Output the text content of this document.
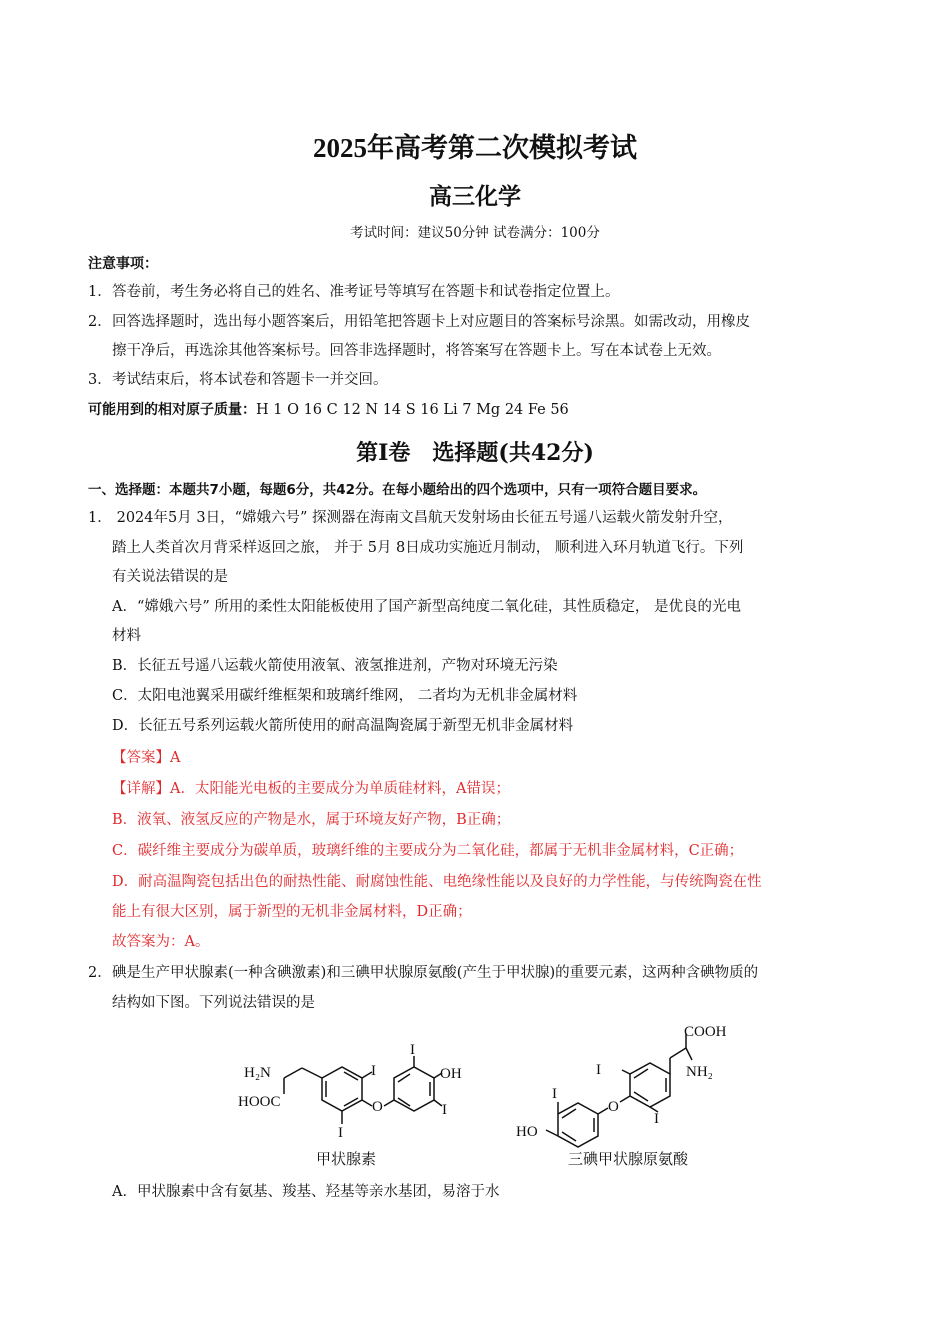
2025年高考第二次模拟考试
高三化学
考试时间：建议50分钟 试卷满分：100分
注意事项：
1．答卷前，考生务必将自己的姓名、准考证号等填写在答题卡和试卷指定位置上。
2．回答选择题时，选出每小题答案后，用铅笔把答题卡上对应题目的答案标号涂黑。如需改动，用橡皮
擦干净后，再选涂其他答案标号。回答非选择题时，将答案写在答题卡上。写在本试卷上无效。
3．考试结束后，将本试卷和答题卡一并交回。
可能用到的相对原子质量：H 1 O 16 C 12 N 14 S 16 Li 7 Mg 24 Fe 56
第I卷　选择题(共42分)
一、选择题：本题共7小题，每题6分，共42分。在每小题给出的四个选项中，只有一项符合题目要求。
1． 2024年5月 3日，“嫦娥六号” 探测器在海南文昌航天发射场由长征五号遥八运载火箭发射升空，
踏上人类首次月背采样返回之旅， 并于 5月 8日成功实施近月制动， 顺利进入环月轨道飞行。下列
有关说法错误的是
A．“嫦娥六号” 所用的柔性太阳能板使用了国产新型高纯度二氧化硅，其性质稳定， 是优良的光电
材料
B．长征五号遥八运载火箭使用液氧、液氢推进剂，产物对环境无污染
C．太阳电池翼采用碳纤维框架和玻璃纤维网， 二者均为无机非金属材料
D．长征五号系列运载火箭所使用的耐高温陶瓷属于新型无机非金属材料
【答案】A
【详解】A．太阳能光电板的主要成分为单质硅材料，A错误；
B．液氧、液氢反应的产物是水，属于环境友好产物，B正确；
C．碳纤维主要成分为碳单质，玻璃纤维的主要成分为二氧化硅，都属于无机非金属材料，C正确；
D．耐高温陶瓷包括出色的耐热性能、耐腐蚀性能、电绝缘性能以及良好的力学性能，与传统陶瓷在性
能上有很大区别，属于新型的无机非金属材料，D正确；
故答案为：A。
2．碘是生产甲状腺素(一种含碘激素)和三碘甲状腺原氨酸(产生于甲状腺)的重要元素，这两种含碘物质的
结构如下图。下列说法错误的是
H₂N
HOOC
I
I
O
I
OH
I
COOH
NH₂
I
I
O
I
HO
甲状腺素	三碘甲状腺原氨酸
A．甲状腺素中含有氨基、羧基、羟基等亲水基团，易溶于水
